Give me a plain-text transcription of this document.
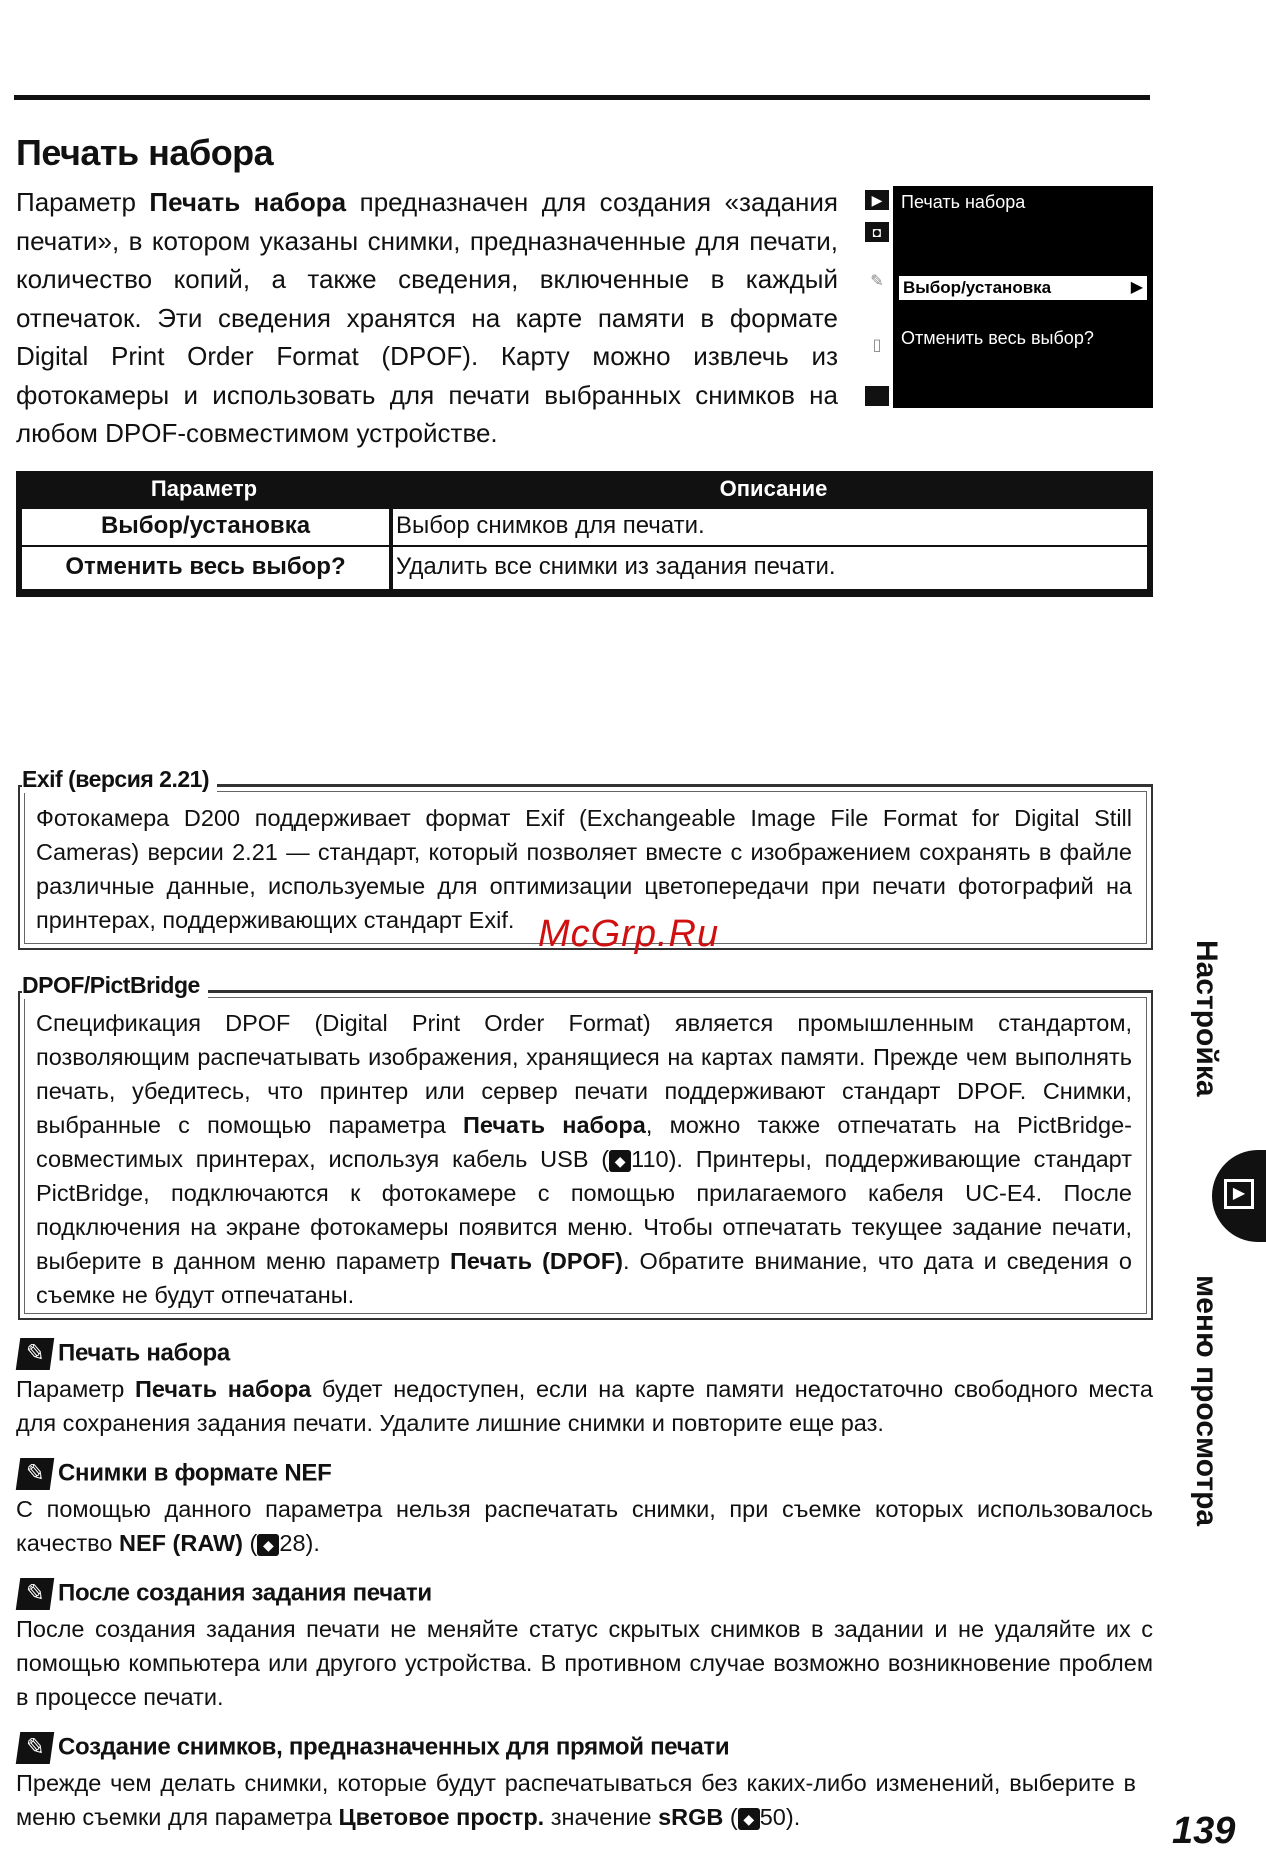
Печать набора
Параметр Печать набора предназначен для создания «задания печати», в котором указаны снимки, предназначенные для печати, количество копий, а также сведения, включенные в каждый отпечаток. Эти сведения хранятся на карте памяти в формате Digital Print Order Format (DPOF). Карту можно извлечь из фотокамеры и использовать для печати выбранных снимков на любом DPOF-совместимом устройстве.
▶
◘
✎
▯
Печать набора
Выбор/установка	▶
Отменить весь выбор?
Параметр	Описание
Выбор/установка	Выбор снимков для печати.
Отменить весь выбор?	Удалить все снимки из задания печати.
Exif (версия 2.21)
Фотокамера D200 поддерживает формат Exif (Exchangeable Image File Format for Digital Still Cameras) версии 2.21 — стандарт, который позволяет вместе с изображением сохранять в файле различные данные, используемые для оптимизации цветопередачи при печати фотографий на принтерах, поддерживающих стандарт Exif.
DPOF/PictBridge
Спецификация DPOF (Digital Print Order Format) является промышленным стандартом, позволяющим распечатывать изображения, хранящиеся на картах памяти. Прежде чем выполнять печать, убедитесь, что принтер или сервер печати поддерживают стандарт DPOF. Снимки, выбранные с помощью параметра Печать набора, можно также отпечатать на PictBridge-совместимых принтерах, используя кабель USB ( ◆ 110). Принтеры, поддерживающие стандарт PictBridge, подключаются к фотокамере с помощью прилагаемого кабеля UC-E4. После подключения на экране фотокамеры появится меню. Чтобы отпечатать текущее задание печати, выберите в данном меню параметр Печать (DPOF). Обратите внимание, что дата и сведения о съемке не будут отпечатаны.
✎ Печать набора
Параметр Печать набора будет недоступен, если на карте памяти недостаточно свободного места для сохранения задания печати. Удалите лишние снимки и повторите еще раз.
✎ Снимки в формате NEF
С помощью данного параметра нельзя распечатать снимки, при съемке которых использовалось качество NEF (RAW) ( ◆ 28).
✎ После создания задания печати
После создания задания печати не меняйте статус скрытых снимков в задании и не удаляйте их с помощью компьютера или другого устройства. В противном случае возможно возникновение проблем в процессе печати.
✎ Создание снимков, предназначенных для прямой печати
Прежде чем делать снимки, которые будут распечатываться без каких-либо изменений, выберите в меню съемки для параметра Цветовое простр. значение sRGB ( ◆ 50).
Настройка
▶
меню просмотра
McGrp.Ru
139
